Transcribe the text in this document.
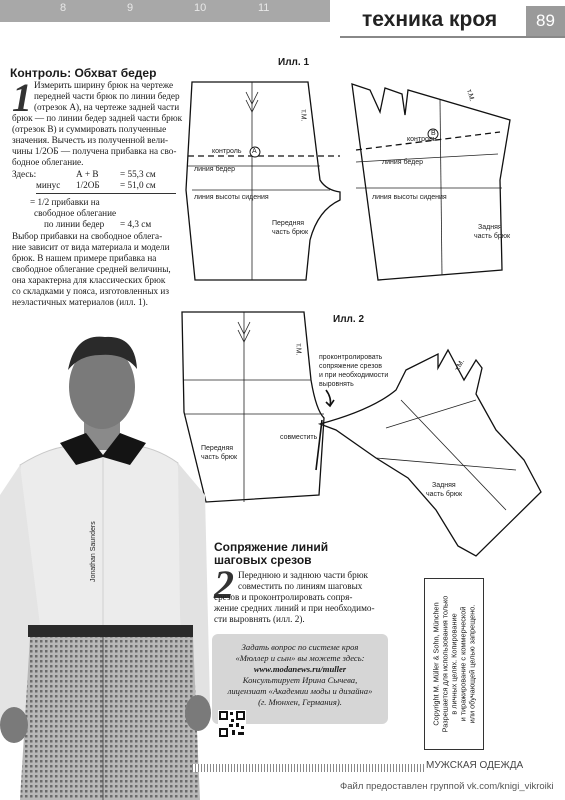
8	9	10	11	техника кроя	89
Контроль: Обхват бедер
1 Измерить ширину брюк на чертеже
передней части брюк по линии бедер
(отрезок А), на чертеже задней части
брюк — по линии бедер задней части брюк
(отрезок В) и суммировать полученные
значения. Вычесть из полученной вели-
чины 1/2ОБ — получена прибавка на сво-
бодное облегание.
Здесь:	А + В = 55,3 см
минус 1/2ОБ = 51,0 см
= 1/2 прибавки на
свободное облегание
по линии бедер = 4,3 см
Выбор прибавки на свободное облега-
ние зависит от вида материала и модели
брюк. В нашем примере прибавка на
свободное облегание средней величины,
она характерна для классических брюк
со складками у пояса, изготовленных из
неэластичных материалов (илл. 1).
Илл. 1
контроль A
контроль
B
линия бедер
линия бедер
линия высоты сидения	линия высоты сидения
Передняя
часть брюк
Задняя
часть брюк
т.М.
т.М.
Илл. 2
проконтролировать
сопряжение срезов
и при необходимости
выровнять
совместить
Передняя
часть брюк
Задняя
часть брюк
т.М.
т.М.
Сопряжение линий
шаговых срезов
2 Переднюю и заднюю части брюк
совместить по линиям шаговых
срезов и проконтролировать сопря-
жение средних линий и при необходимо-
сти выровнять (илл. 2).
Jonathan Saunders
Задать вопрос по системе кроя
«Мюллер и сын» вы можете здесь:
www.modanews.ru/muller
Консультирует Ирина Сычева,
лицензиат «Академии моды и дизайна»
(г. Мюнхен, Германия).	Copyright M. Müller & Sohn, München Разрешается для использования только в личных целях. Копирование и тиражирование с коммерческой или обучающей целью запрещено.
МУЖСКАЯ ОДЕЖДА
Файл предоставлен группой vk.com/knigi_vikroiki
